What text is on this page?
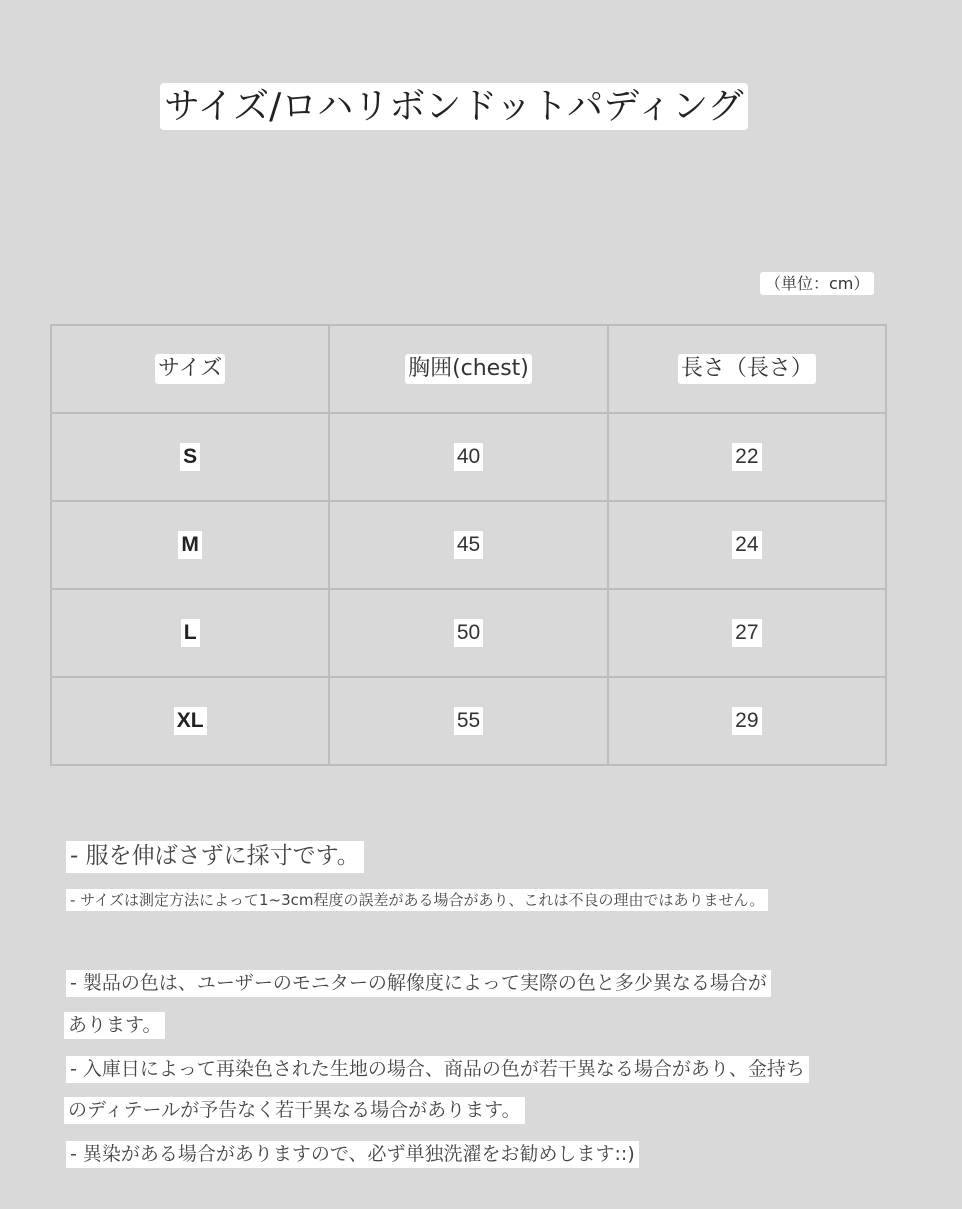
サイズ/ロハリボンドットパディング
（単位：cm）
サイズ	胸囲(chest)	長さ（長さ）
S	40	22
M	45	24
L	50	27
XL	55	29
- 服を伸ばさずに採寸です。
- サイズは測定方法によって1~3cm程度の誤差がある場合があり、これは不良の理由ではありません。
- 製品の色は、ユーザーのモニターの解像度によって実際の色と多少異なる場合が
あります。
- 入庫日によって再染色された生地の場合、商品の色が若干異なる場合があり、金持ち
のディテールが予告なく若干異なる場合があります。
- 異染がある場合がありますので、必ず単独洗濯をお勧めします::)
